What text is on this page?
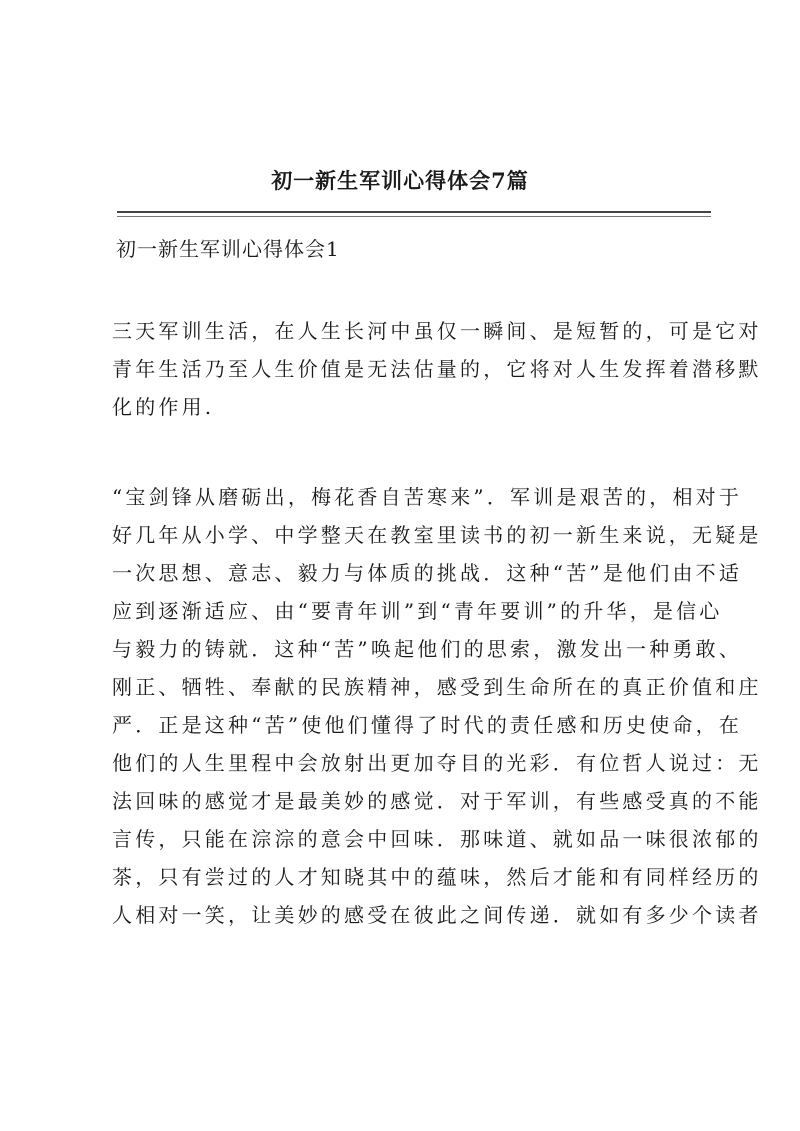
初一新生军训心得体会7篇
初一新生军训心得体会1
三天军训生活，在人生长河中虽仅一瞬间、是短暂的，可是它对
青年生活乃至人生价值是无法估量的，它将对人生发挥着潜移默
化的作用.
“宝剑锋从磨砺出，梅花香自苦寒来”．军训是艰苦的，相对于
好几年从小学、中学整天在教室里读书的初一新生来说，无疑是
一次思想、意志、毅力与体质的挑战．这种“苦”是他们由不适
应到逐渐适应、由“要青年训”到“青年要训”的升华，是信心
与毅力的铸就．这种“苦”唤起他们的思索，激发出一种勇敢、
刚正、牺牲、奉献的民族精神，感受到生命所在的真正价值和庄
严．正是这种“苦”使他们懂得了时代的责任感和历史使命，在
他们的人生里程中会放射出更加夺目的光彩．有位哲人说过：无
法回味的感觉才是最美妙的感觉．对于军训，有些感受真的不能
言传，只能在淙淙的意会中回味．那味道、就如品一味很浓郁的
茶，只有尝过的人才知晓其中的蕴味，然后才能和有同样经历的
人相对一笑，让美妙的感受在彼此之间传递．就如有多少个读者
